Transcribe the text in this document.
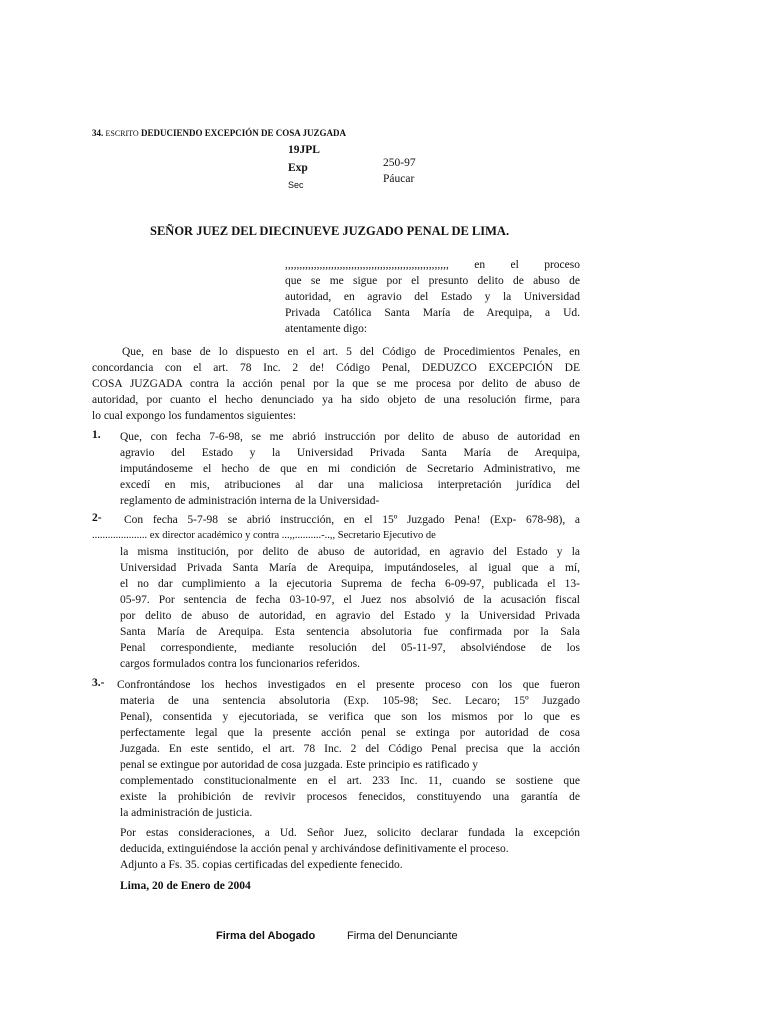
34. ESCRITO DEDUCIENDO EXCEPCIÓN DE COSA JUZGADA
19JPL
Exp	250-97
Sec	Páucar
SEÑOR JUEZ DEL DIECINUEVE JUZGADO PENAL DE LIMA.
,,,,,,,,,,,,,,,,,,,,,,,,,,,,,,,,,,,,,,,,,,,,,,,,,,,,,,,,, en el proceso
que se me sigue por el presunto delito de abuso de
autoridad, en agravio del Estado y la Universidad
Privada Católica Santa María de Arequipa, a Ud.
atentamente digo:
Que, en base de lo dispuesto en el art. 5 del Código de Procedimientos Penales, en
concordancia con el art. 78 Inc. 2 de! Código Penal, DEDUZCO EXCEPCIÓN DE
COSA JUZGADA contra la acción penal por la que se me procesa por delito de abuso de
autoridad, por cuanto el hecho denunciado ya ha sido objeto de una resolución firme, para
lo cual expongo los fundamentos siguientes:
1. Que, con fecha 7-6-98, se me abrió instrucción por delito de abuso de autoridad en
agravio del Estado y la Universidad Privada Santa María de Arequipa,
imputándoseme el hecho de que en mi condición de Secretario Administrativo, me
excedí en mis, atribuciones al dar una maliciosa interpretación jurídica del
reglamento de administración interna de la Universidad-
2- Con fecha 5-7-98 se abrió instrucción, en el 15º Juzgado Pena! (Exp- 678-98), a
..................... ex director académico y contra ...,,..........-..,, Secretario Ejecutivo de
la misma institución, por delito de abuso de autoridad, en agravio del Estado y la
Universidad Privada Santa María de Arequipa, imputándoseles, al igual que a mí,
el no dar cumplimiento a la ejecutoria Suprema de fecha 6-09-97, publicada el 13-
05-97. Por sentencia de fecha 03-10-97, el Juez nos absolvió de la acusación fiscal
por delito de abuso de autoridad, en agravio del Estado y la Universidad Privada
Santa María de Arequipa. Esta sentencia absolutoria fue confirmada por la Sala
Penal correspondiente, mediante resolución del 05-11-97, absolviéndose de los
cargos formulados contra los funcionarios referidos.
3.- Confrontándose los hechos investigados en el presente proceso con los que fueron
materia de una sentencia absolutoria (Exp. 105-98; Sec. Lecaro; 15º Juzgado
Penal), consentida y ejecutoriada, se verifica que son los mismos por lo que es
perfectamente legal que la presente acción penal se extinga por autoridad de cosa
Juzgada. En este sentido, el art. 78 Inc. 2 del Código Penal precisa que la acción
penal se extingue por autoridad de cosa juzgada. Este principio es ratificado y
complementado constitucionalmente en el art. 233 Inc. 11, cuando se sostiene que
existe la prohibición de revivir procesos fenecidos, constituyendo una garantía de
la administración de justicia.
Por estas consideraciones, a Ud. Señor Juez, solicito declarar fundada la excepción
deducida, extinguiéndose la acción penal y archivándose definitivamente el proceso.
Adjunto a Fs. 35. copias certificadas del expediente fenecido.
Lima, 20 de Enero de 2004
Firma del Abogado	Firma del Denunciante
